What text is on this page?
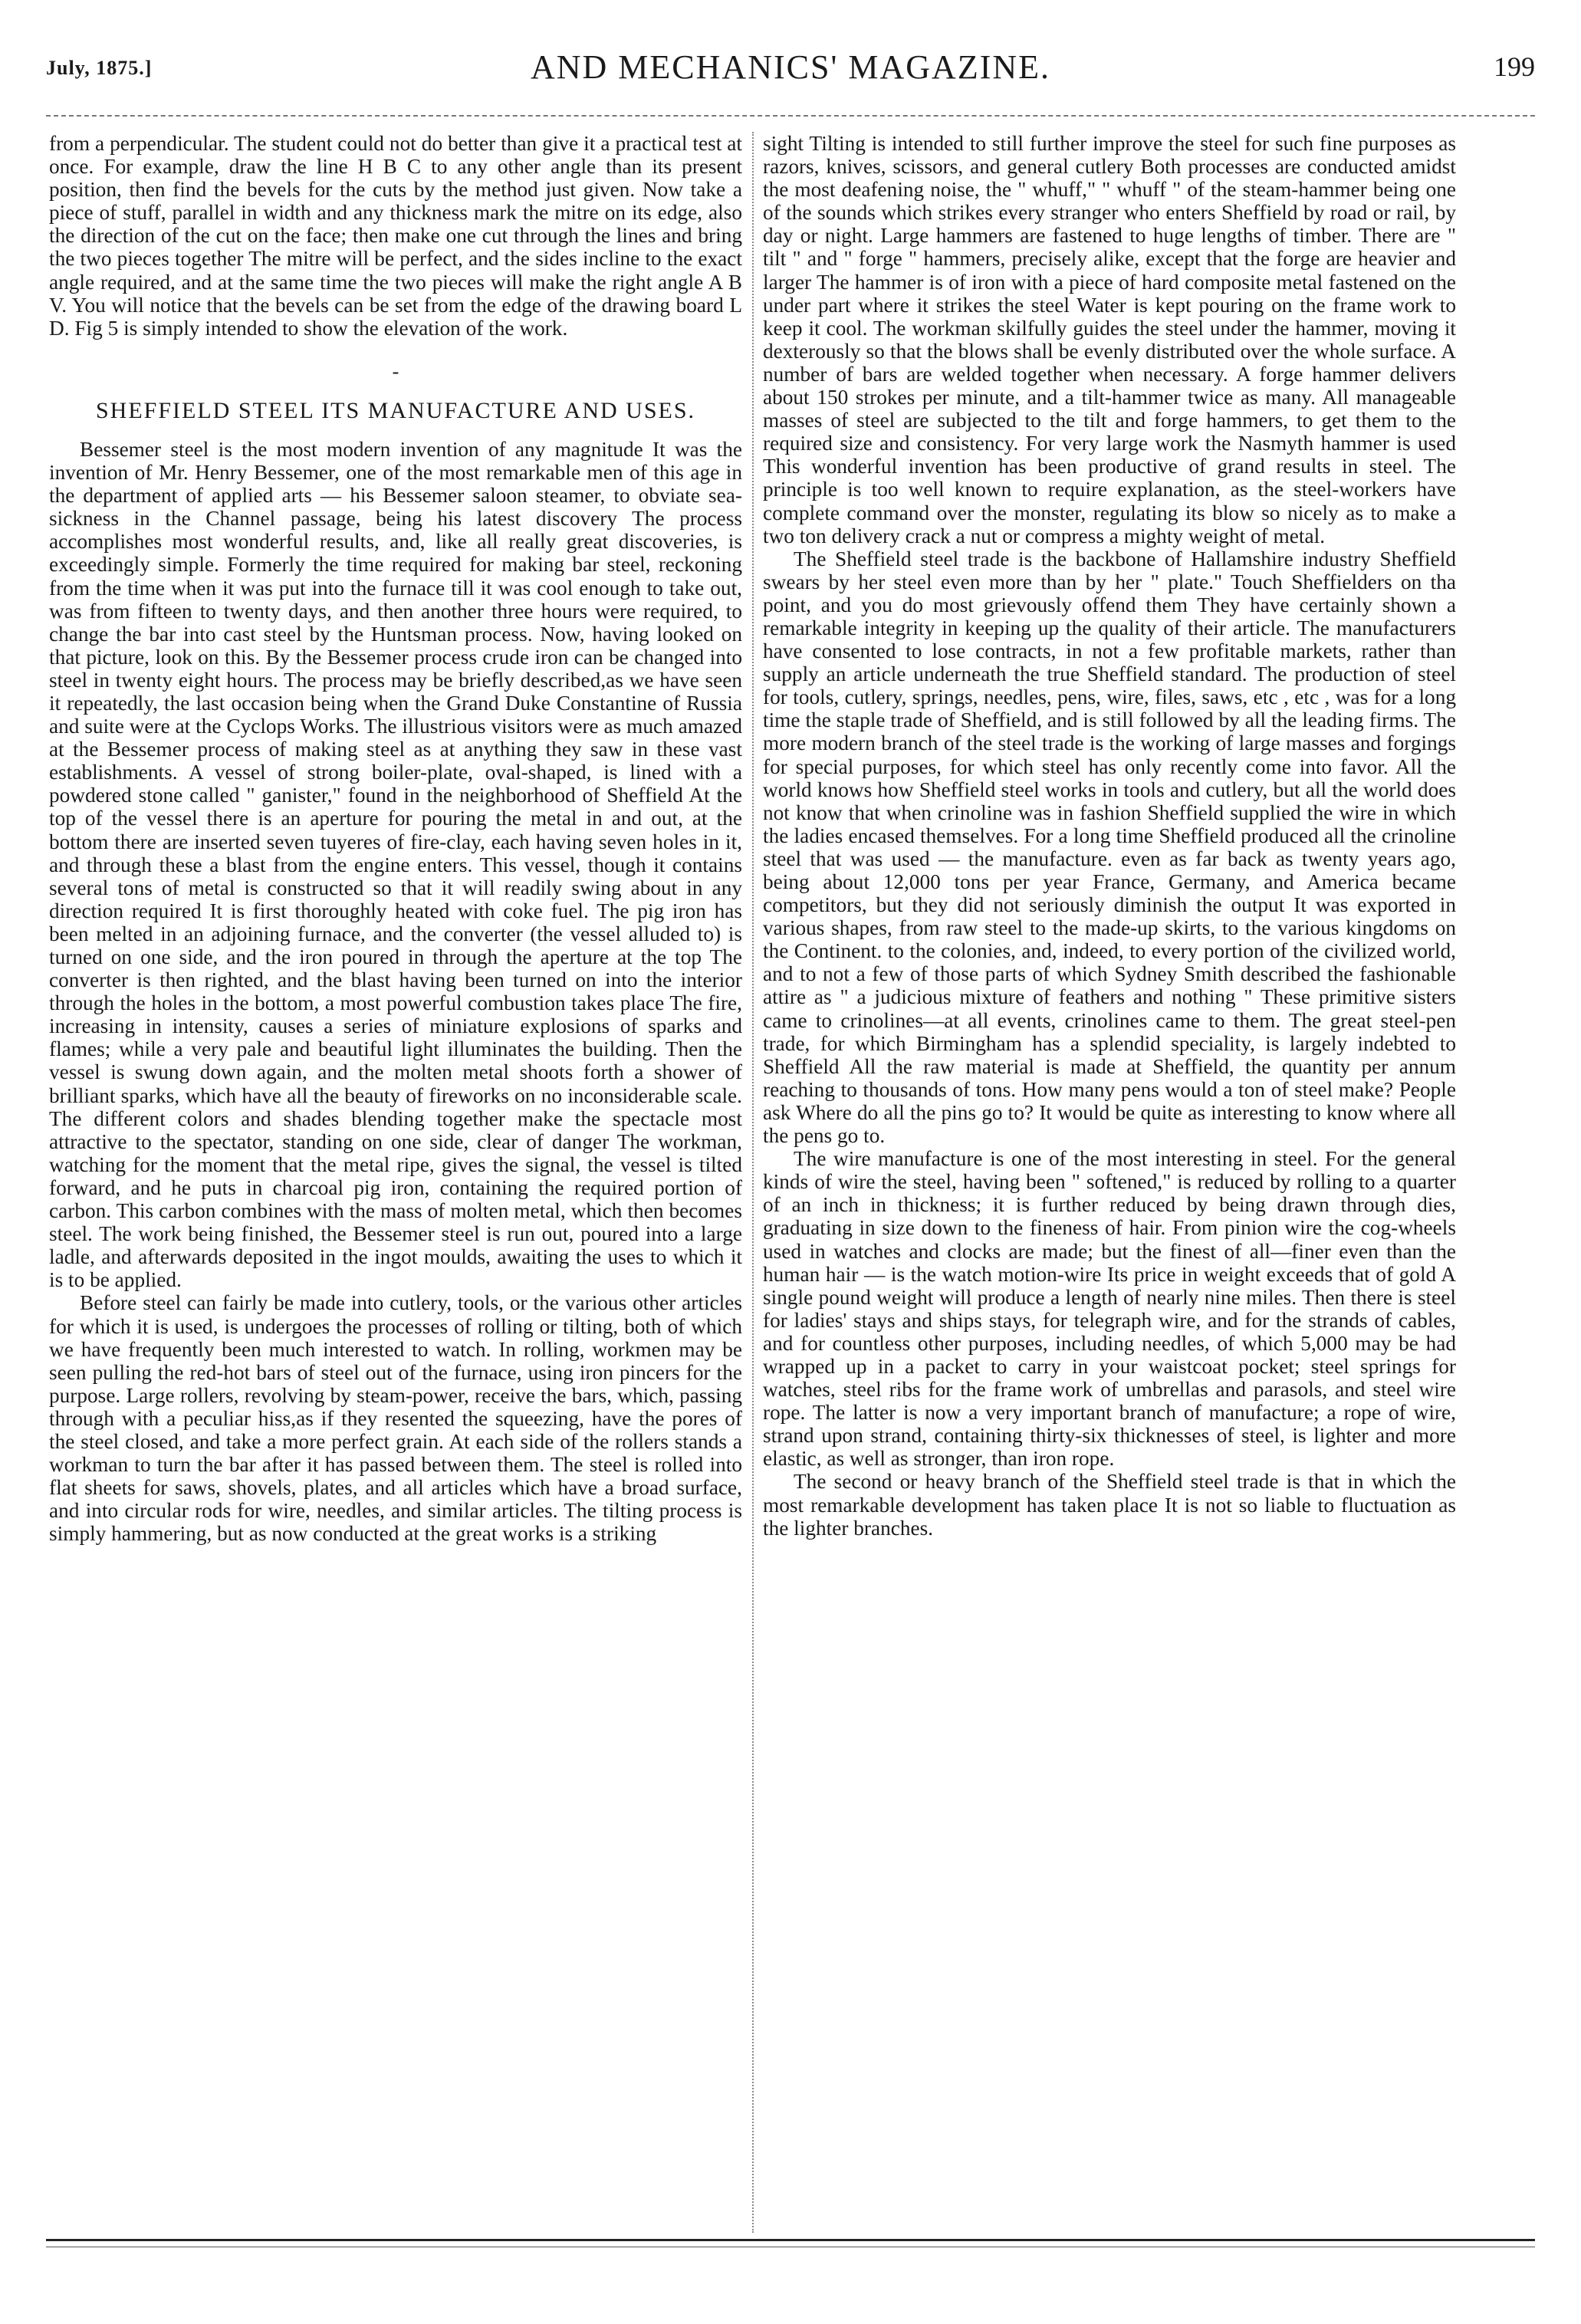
July, 1875.]	AND MECHANICS' MAGAZINE.	199

from a perpendicular. The student could not do better than give it a practical test at once. For example, draw the line H B C to any other angle than its present position, then find the bevels for the cuts by the method just given. Now take a piece of stuff, parallel in width and any thickness mark the mitre on its edge, also the direction of the cut on the face; then make one cut through the lines and bring the two pieces together The mitre will be perfect, and the sides incline to the exact angle required, and at the same time the two pieces will make the right angle A B V. You will notice that the bevels can be set from the edge of the drawing board L D. Fig 5 is simply intended to show the elevation of the work.

-
SHEFFIELD STEEL ITS MANUFACTURE AND USES.

Bessemer steel is the most modern invention of any magnitude It was the invention of Mr. Henry Bessemer, one of the most remarkable men of this age in the department of applied arts — his Bessemer saloon steamer, to obviate sea-sickness in the Channel passage, being his latest discovery The process accomplishes most wonderful results, and, like all really great discoveries, is exceedingly simple. Formerly the time required for making bar steel, reckoning from the time when it was put into the furnace till it was cool enough to take out, was from fifteen to twenty days, and then another three hours were required, to change the bar into cast steel by the Huntsman process. Now, having looked on that picture, look on this. By the Bessemer process crude iron can be changed into steel in twenty eight hours. The process may be briefly described,as we have seen it repeatedly, the last occasion being when the Grand Duke Constantine of Russia and suite were at the Cyclops Works. The illustrious visitors were as much amazed at the Bessemer process of making steel as at anything they saw in these vast establishments. A vessel of strong boiler-plate, oval-shaped, is lined with a powdered stone called " ganister," found in the neighborhood of Sheffield At the top of the vessel there is an aperture for pouring the metal in and out, at the bottom there are inserted seven tuyeres of fire-clay, each having seven holes in it, and through these a blast from the engine enters. This vessel, though it contains several tons of metal is constructed so that it will readily swing about in any direction required It is first thoroughly heated with coke fuel. The pig iron has been melted in an adjoining furnace, and the converter (the vessel alluded to) is turned on one side, and the iron poured in through the aperture at the top The converter is then righted, and the blast having been turned on into the interior through the holes in the bottom, a most powerful combustion takes place The fire, increasing in intensity, causes a series of miniature explosions of sparks and flames; while a very pale and beautiful light illuminates the building. Then the vessel is swung down again, and the molten metal shoots forth a shower of brilliant sparks, which have all the beauty of fireworks on no inconsiderable scale. The different colors and shades blending together make the spectacle most attractive to the spectator, standing on one side, clear of danger The workman, watching for the moment that the metal ripe, gives the signal, the vessel is tilted forward, and he puts in charcoal pig iron, containing the required portion of carbon. This carbon combines with the mass of molten metal, which then becomes steel. The work being finished, the Bessemer steel is run out, poured into a large ladle, and afterwards deposited in the ingot moulds, awaiting the uses to which it is to be applied.

Before steel can fairly be made into cutlery, tools, or the various other articles for which it is used, is undergoes the processes of rolling or tilting, both of which we have frequently been much interested to watch. In rolling, workmen may be seen pulling the red-hot bars of steel out of the furnace, using iron pincers for the purpose. Large rollers, revolving by steam-power, receive the bars, which, passing through with a peculiar hiss,as if they resented the squeezing, have the pores of the steel closed, and take a more perfect grain. At each side of the rollers stands a workman to turn the bar after it has passed between them. The steel is rolled into flat sheets for saws, shovels, plates, and all articles which have a broad surface, and into circular rods for wire, needles, and similar articles. The tilting process is simply hammering, but as now conducted at the great works is a striking

sight Tilting is intended to still further improve the steel for such fine purposes as razors, knives, scissors, and general cutlery Both processes are conducted amidst the most deafening noise, the " whuff," " whuff " of the steam-hammer being one of the sounds which strikes every stranger who enters Sheffield by road or rail, by day or night. Large hammers are fastened to huge lengths of timber. There are " tilt " and " forge " hammers, precisely alike, except that the forge are heavier and larger The hammer is of iron with a piece of hard composite metal fastened on the under part where it strikes the steel Water is kept pouring on the frame work to keep it cool. The workman skilfully guides the steel under the hammer, moving it dexterously so that the blows shall be evenly distributed over the whole surface. A number of bars are welded together when necessary. A forge hammer delivers about 150 strokes per minute, and a tilt-hammer twice as many. All manageable masses of steel are subjected to the tilt and forge hammers, to get them to the required size and consistency. For very large work the Nasmyth hammer is used This wonderful invention has been productive of grand results in steel. The principle is too well known to require explanation, as the steel-workers have complete command over the monster, regulating its blow so nicely as to make a two ton delivery crack a nut or compress a mighty weight of metal.

The Sheffield steel trade is the backbone of Hallamshire industry Sheffield swears by her steel even more than by her " plate." Touch Sheffielders on tha point, and you do most grievously offend them They have certainly shown a remarkable integrity in keeping up the quality of their article. The manufacturers have consented to lose contracts, in not a few profitable markets, rather than supply an article underneath the true Sheffield standard. The production of steel for tools, cutlery, springs, needles, pens, wire, files, saws, etc , etc , was for a long time the staple trade of Sheffield, and is still followed by all the leading firms. The more modern branch of the steel trade is the working of large masses and forgings for special purposes, for which steel has only recently come into favor. All the world knows how Sheffield steel works in tools and cutlery, but all the world does not know that when crinoline was in fashion Sheffield supplied the wire in which the ladies encased themselves. For a long time Sheffield produced all the crinoline steel that was used — the manufacture. even as far back as twenty years ago, being about 12,000 tons per year France, Germany, and America became competitors, but they did not seriously diminish the output It was exported in various shapes, from raw steel to the made-up skirts, to the various kingdoms on the Continent. to the colonies, and, indeed, to every portion of the civilized world, and to not a few of those parts of which Sydney Smith described the fashionable attire as " a judicious mixture of feathers and nothing " These primitive sisters came to crinolines—at all events, crinolines came to them. The great steel-pen trade, for which Birmingham has a splendid speciality, is largely indebted to Sheffield All the raw material is made at Sheffield, the quantity per annum reaching to thousands of tons. How many pens would a ton of steel make? People ask Where do all the pins go to? It would be quite as interesting to know where all the pens go to.

The wire manufacture is one of the most interesting in steel. For the general kinds of wire the steel, having been " softened," is reduced by rolling to a quarter of an inch in thickness; it is further reduced by being drawn through dies, graduating in size down to the fineness of hair. From pinion wire the cog-wheels used in watches and clocks are made; but the finest of all—finer even than the human hair — is the watch motion-wire Its price in weight exceeds that of gold A single pound weight will produce a length of nearly nine miles. Then there is steel for ladies' stays and ships stays, for telegraph wire, and for the strands of cables, and for countless other purposes, including needles, of which 5,000 may be had wrapped up in a packet to carry in your waistcoat pocket; steel springs for watches, steel ribs for the frame work of umbrellas and parasols, and steel wire rope. The latter is now a very important branch of manufacture; a rope of wire, strand upon strand, containing thirty-six thicknesses of steel, is lighter and more elastic, as well as stronger, than iron rope.

The second or heavy branch of the Sheffield steel trade is that in which the most remarkable development has taken place It is not so liable to fluctuation as the lighter branches.
